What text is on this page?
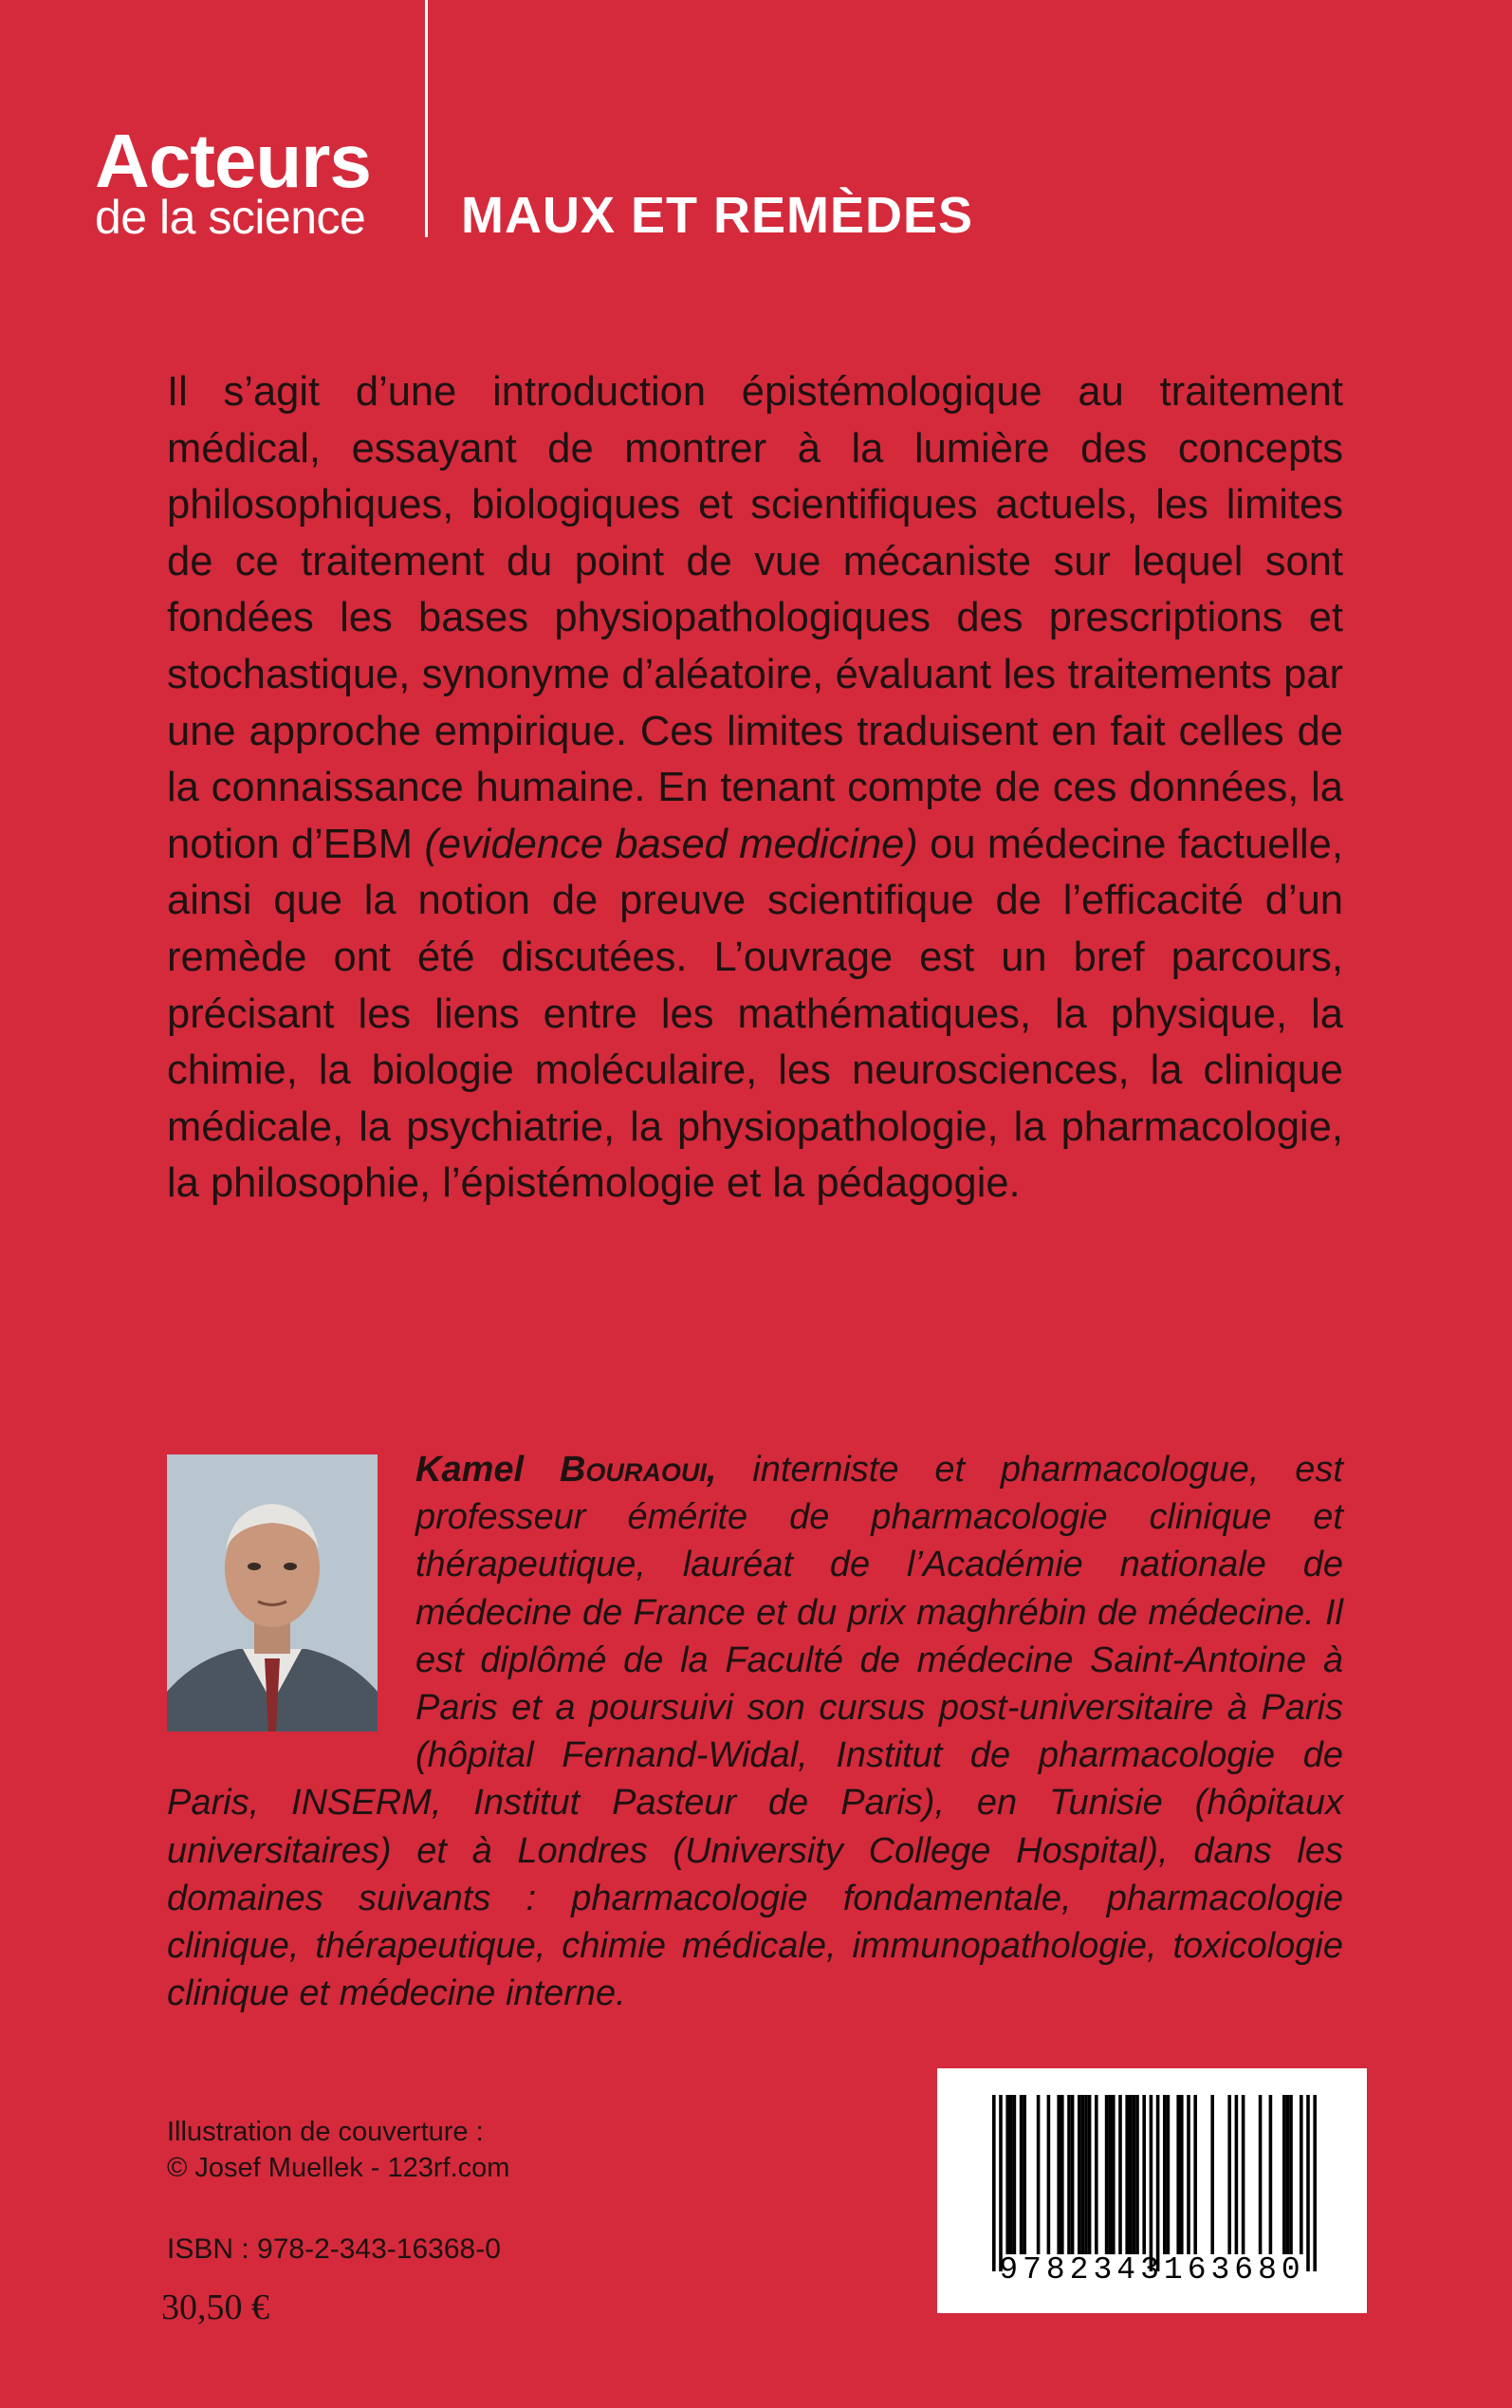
Acteurs
de la science	MAUX ET REMÈDES
Il s’agit d’une introduction épistémologique au traitement médical, essayant de montrer à la lumière des concepts philosophiques, biologiques et scientifiques actuels, les limites de ce traitement du point de vue mécaniste sur lequel sont fondées les bases physiopathologiques des prescriptions et stochastique, synonyme d’aléatoire, évaluant les traitements par une approche empirique. Ces limites traduisent en fait celles de la connaissance humaine. En tenant compte de ces données, la notion d’EBM (evidence based medicine) ou médecine factuelle, ainsi que la notion de preuve scientifique de l’efficacité d’un remède ont été discutées. L’ouvrage est un bref parcours, précisant les liens entre les mathématiques, la physique, la chimie, la biologie moléculaire, les neurosciences, la clinique médicale, la psychiatrie, la physiopathologie, la pharmacologie, la philosophie, l’épistémologie et la pédagogie.
Kamel Bouraoui, interniste et pharmacologue, est professeur émérite de pharmacologie clinique et thérapeutique, lauréat de l’Académie nationale de médecine de France et du prix maghrébin de médecine. Il est diplômé de la Faculté de médecine Saint-Antoine à Paris et a poursuivi son cursus post-universitaire à Paris (hôpital Fernand-Widal, Institut de pharmacologie de Paris, INSERM, Institut Pasteur de Paris), en Tunisie (hôpitaux universitaires) et à Londres (University College Hospital), dans les domaines suivants : pharmacologie fondamentale, pharmacologie clinique, thérapeutique, chimie médicale, immunopathologie, toxicologie clinique et médecine interne.
Illustration de couverture :
© Josef Muellek - 123rf.com
ISBN : 978-2-343-16368-0
30,50 €
9782343163680
